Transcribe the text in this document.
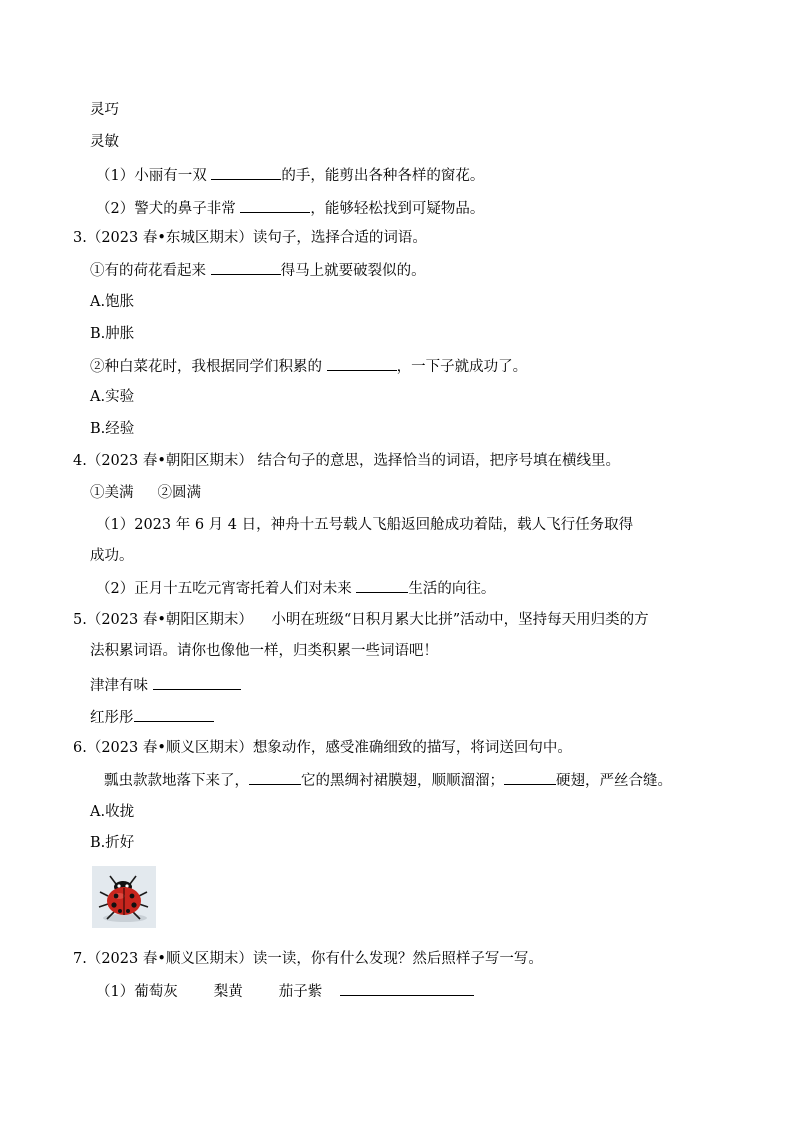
灵巧
灵敏
（1）小丽有一双	的手，能剪出各种各样的窗花。
（2）警犬的鼻子非常	，能够轻松找到可疑物品。
3.（2023 春•东城区期末）读句子，选择合适的词语。
①有的荷花看起来	得马上就要破裂似的。
A.饱胀
B.肿胀
②种白菜花时，我根据同学们积累的	，一下子就成功了。
A.实验
B.经验
4.（2023 春•朝阳区期末） 结合句子的意思，选择恰当的词语，把序号填在横线里。
①美满 ②圆满
（1）2023 年 6 月 4 日，神舟十五号载人飞船返回舱成功着陆，载人飞行任务取得
成功。
（2）正月十五吃元宵寄托着人们对未来	生活的向往。
5.（2023 春•朝阳区期末）    小明在班级“日积月累大比拼”活动中，坚持每天用归类的方
法积累词语。请你也像他一样，归类积累一些词语吧！
津津有味
红彤彤
6.（2023 春•顺义区期末）想象动作，感受准确细致的描写，将词送回句中。
瓢虫款款地落下来了，	它的黑绸衬裙膜翅，顺顺溜溜；	硬翅，严丝合缝。
A.收拢
B.折好
7.（2023 春•顺义区期末）读一读，你有什么发现？然后照样子写一写。
（1）葡萄灰 梨黄 茄子紫
